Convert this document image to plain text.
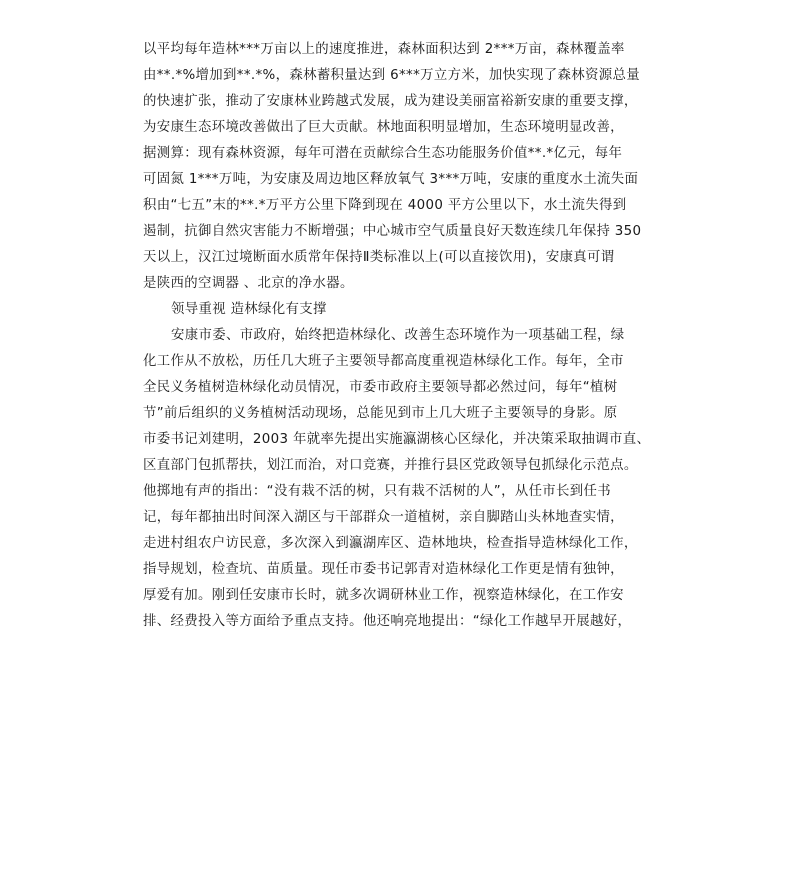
以平均每年造林***万亩以上的速度推进，森林面积达到 2***万亩，森林覆盖率
由**.*%增加到**.*%，森林蓄积量达到 6***万立方米，加快实现了森林资源总量
的快速扩张，推动了安康林业跨越式发展，成为建设美丽富裕新安康的重要支撑，
为安康生态环境改善做出了巨大贡献。林地面积明显增加，生态环境明显改善，
据测算：现有森林资源，每年可潜在贡献综合生态功能服务价值**.*亿元，每年
可固氮 1***万吨，为安康及周边地区释放氧气 3***万吨，安康的重度水土流失面
积由“七五”末的**.*万平方公里下降到现在 4000 平方公里以下，水土流失得到
遏制，抗御自然灾害能力不断增强；中心城市空气质量良好天数连续几年保持 350
天以上，汉江过境断面水质常年保持Ⅱ类标准以上(可以直接饮用)，安康真可谓
是陕西的空调器 、北京的净水器。
领导重视 造林绿化有支撑
安康市委、市政府，始终把造林绿化、改善生态环境作为一项基础工程，绿
化工作从不放松，历任几大班子主要领导都高度重视造林绿化工作。每年，全市
全民义务植树造林绿化动员情况，市委市政府主要领导都必然过问，每年“植树
节”前后组织的义务植树活动现场，总能见到市上几大班子主要领导的身影。原
市委书记刘建明，2003 年就率先提出实施瀛湖核心区绿化，并决策采取抽调市直、
区直部门包抓帮扶，划江而治，对口竞赛，并推行县区党政领导包抓绿化示范点。
他掷地有声的指出：“没有栽不活的树，只有栽不活树的人”，从任市长到任书
记，每年都抽出时间深入湖区与干部群众一道植树，亲自脚踏山头林地查实情，
走进村组农户访民意，多次深入到瀛湖库区、造林地块，检查指导造林绿化工作，
指导规划，检查坑、苗质量。现任市委书记郭青对造林绿化工作更是情有独钟，
厚爱有加。刚到任安康市长时，就多次调研林业工作，视察造林绿化，在工作安
排、经费投入等方面给予重点支持。他还响亮地提出：“绿化工作越早开展越好，
